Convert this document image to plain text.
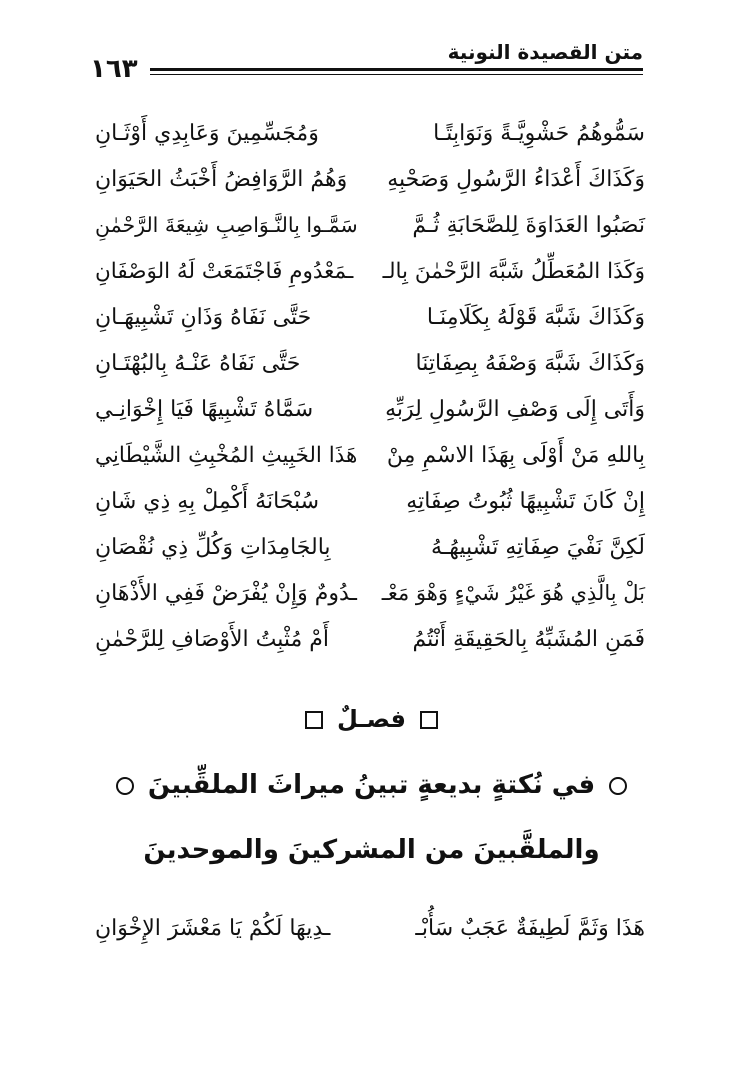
متن القصيدة النونية
١٦٣
سَمُّوهُمُ حَشْوِيَّـةً وَنَوَابِتًـا
وَمُجَسِّمِينَ وَعَابِدِي أَوْثَـانِ
وَكَذَاكَ أَعْدَاءُ الرَّسُولِ وَصَحْبِهِ
وَهُمُ الرَّوَافِضُ أَخْبَثُ الحَيَوَانِ
نَصَبُوا العَدَاوَةَ لِلصَّحَابَةِ ثُـمَّ
سَمَّـوا بِالنَّـوَاصِبِ شِيعَةَ الرَّحْمٰنِ
وَكَذَا المُعَطِّلُ شَبَّهَ الرَّحْمٰنَ بِالـ
ـمَعْدُومِ فَاجْتَمَعَتْ لَهُ الوَصْفَانِ
وَكَذَاكَ شَبَّهَ قَوْلَهُ بِكَلَامِنَـا
حَتَّى نَفَاهُ وَذَانِ تَشْبِيهَـانِ
وَكَذَاكَ شَبَّهَ وَصْفَهُ بِصِفَاتِنَا
حَتَّى نَفَاهُ عَنْـهُ بِالبُهْتَـانِ
وَأَتَى إِلَى وَصْفِ الرَّسُولِ لِرَبِّهِ
سَمَّاهُ تَشْبِيهًا فَيَا إِخْوَانِـي
بِاللهِ مَنْ أَوْلَى بِهَذَا الاسْمِ مِنْ
هَذَا الخَبِيثِ المُخْبِثِ الشَّيْطَانِي
إِنْ كَانَ تَشْبِيهًا ثُبُوتُ صِفَاتِهِ
سُبْحَانَهُ أَكْمِلْ بِهِ ذِي شَانِ
لَكِنَّ نَفْيَ صِفَاتِهِ تَشْبِيهُـهُ
بِالجَامِدَاتِ وَكُلِّ ذِي نُقْصَانِ
بَلْ بِالَّذِي هُوَ غَيْرُ شَيْءٍ وَهْوَ مَعْـ
ـدُومٌ وَإِنْ يُفْرَضْ فَفِي الأَذْهَانِ
فَمَنِ المُشَبِّهُ بِالحَقِيقَةِ أَنْتُمُ
أَمْ مُثْبِتُ الأَوْصَافِ لِلرَّحْمٰنِ
فصـلٌ
في نُكتةٍ بديعةٍ تبينُ ميراثَ الملقِّبينَ
والملقَّبينَ من المشركينَ والموحدينَ
هَذَا وَثَمَّ لَطِيفَةٌ عَجَبٌ سَأُبْـ
ـدِيهَا لَكُمْ يَا مَعْشَرَ الإِخْوَانِ
